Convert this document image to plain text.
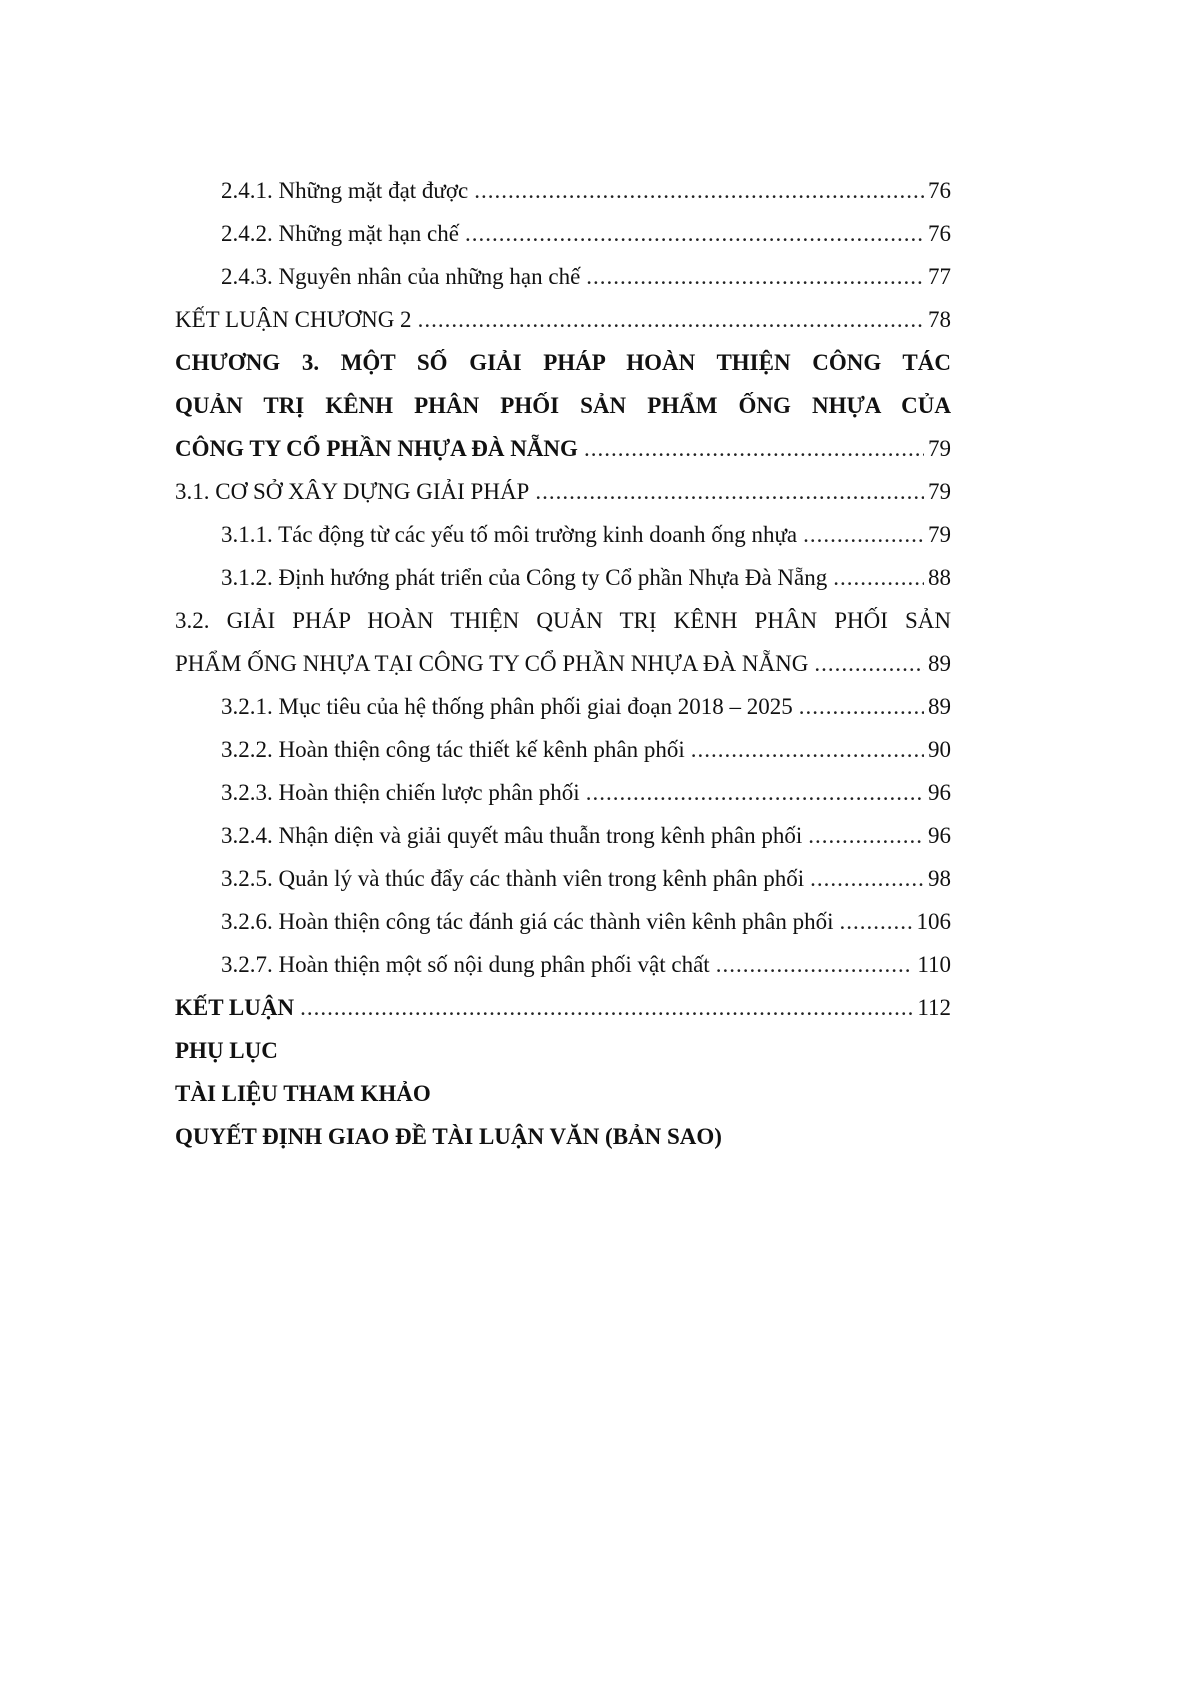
2.4.1. Những mặt đạt được .....	76
2.4.2. Những mặt hạn chế .....	76
2.4.3. Nguyên nhân của những hạn chế .....	77
KẾT LUẬN CHƯƠNG 2 .....	78
CHƯƠNG 3. MỘT SỐ GIẢI PHÁP HOÀN THIỆN CÔNG TÁC
QUẢN TRỊ KÊNH PHÂN PHỐI SẢN PHẨM ỐNG NHỰA CỦA
CÔNG TY CỔ PHẦN NHỰA ĐÀ NẴNG .....	79
3.1. CƠ SỞ XÂY DỰNG GIẢI PHÁP .....	79
3.1.1. Tác động từ các yếu tố môi trường kinh doanh ống nhựa .....	79
3.1.2. Định hướng phát triển của Công ty Cổ phần Nhựa Đà Nẵng .....	88
3.2. GIẢI PHÁP HOÀN THIỆN QUẢN TRỊ KÊNH PHÂN PHỐI SẢN
PHẨM ỐNG NHỰA TẠI CÔNG TY CỔ PHẦN NHỰA ĐÀ NẴNG .....	89
3.2.1. Mục tiêu của hệ thống phân phối giai đoạn 2018 – 2025 .....	89
3.2.2. Hoàn thiện công tác thiết kế kênh phân phối .....	90
3.2.3. Hoàn thiện chiến lược phân phối .....	96
3.2.4. Nhận diện và giải quyết mâu thuẫn trong kênh phân phối .....	96
3.2.5. Quản lý và thúc đẩy các thành viên trong kênh phân phối .....	98
3.2.6. Hoàn thiện công tác đánh giá các thành viên kênh phân phối .....	106
3.2.7. Hoàn thiện một số nội dung phân phối vật chất .....	110
KẾT LUẬN .....	112
PHỤ LỤC
TÀI LIỆU THAM KHẢO
QUYẾT ĐỊNH GIAO ĐỀ TÀI LUẬN VĂN (BẢN SAO)
